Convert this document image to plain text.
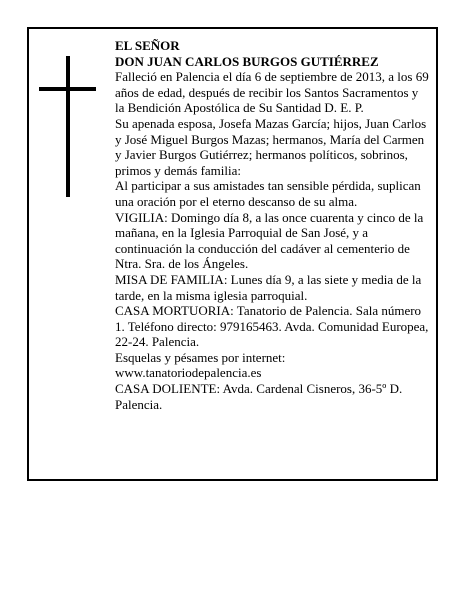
EL SEÑOR

DON JUAN CARLOS BURGOS GUTIÉRREZ

Falleció en Palencia el día 6 de septiembre de 2013, a los 69 años de edad, después de recibir los Santos Sacramentos y la Bendición Apostólica de Su Santidad D. E. P.

Su apenada esposa, Josefa Mazas García; hijos, Juan Carlos y José Miguel Burgos Mazas; hermanos, María del Carmen y Javier Burgos Gutiérrez; hermanos políticos, sobrinos, primos y demás familia:

Al participar a sus amistades tan sensible pérdida, suplican una oración por el eterno descanso de su alma.

VIGILIA: Domingo día 8, a las once cuarenta y cinco de la mañana, en la Iglesia Parroquial de San José, y a continuación la conducción del cadáver al cementerio de Ntra. Sra. de los Ángeles.

MISA DE FAMILIA: Lunes día 9, a las siete y media de la tarde, en la misma iglesia parroquial.

CASA MORTUORIA: Tanatorio de Palencia. Sala número 1. Teléfono directo: 979165463. Avda. Comunidad Europea, 22-24. Palencia.

Esquelas y pésames por internet: www.tanatoriodepalencia.es

CASA DOLIENTE: Avda. Cardenal Cisneros, 36-5º D. Palencia.
